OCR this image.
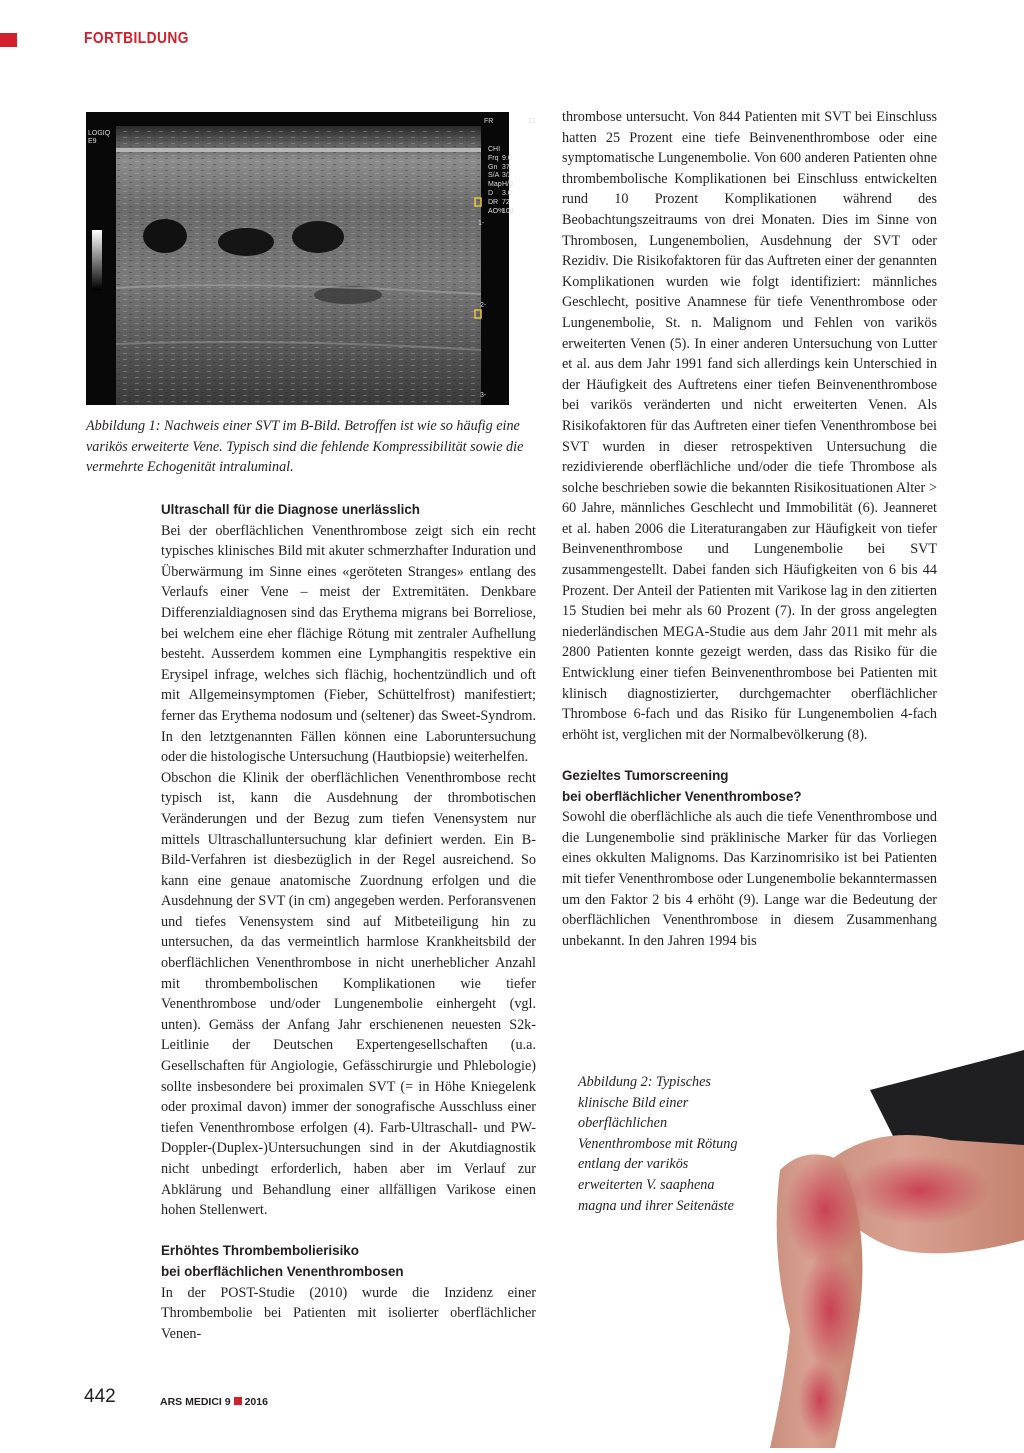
FORTBILDUNG
ꓲ
LOGIQ E9
FR	21
CHI
Frq 9.0
Gn 37
S/A 3/2
Map H/0
D 3.0
DR 72
AO%
100
1-
2-
3-
Abbildung 1: Nachweis einer SVT im B-Bild. Betroffen ist wie so häufig eine varikös erweiterte Vene. Typisch sind die fehlende Kompressibilität sowie die vermehrte Echogenität intraluminal.

Ultraschall für die Diagnose unerlässlich

Bei der oberflächlichen Venenthrombose zeigt sich ein recht typisches klinisches Bild mit akuter schmerzhafter Induration und Überwärmung im Sinne eines «geröteten Stranges» entlang des Verlaufs einer Vene – meist der Extremitäten. Denkbare Differenzialdiagnosen sind das Erythema migrans bei Borreliose, bei welchem eine eher flächige Rötung mit zentraler Aufhellung besteht. Ausserdem kommen eine Lymphangitis respektive ein Erysipel infrage, welches sich flächig, hochentzündlich und oft mit Allgemeinsymptomen (Fieber, Schüttelfrost) manifestiert; ferner das Erythema nodosum und (seltener) das Sweet-Syndrom. In den letztgenannten Fällen können eine Laboruntersuchung oder die histologische Untersuchung (Hautbiopsie) weiterhelfen.

Obschon die Klinik der oberflächlichen Venenthrombose recht typisch ist, kann die Ausdehnung der thrombotischen Veränderungen und der Bezug zum tiefen Venensystem nur mittels Ultraschalluntersuchung klar definiert werden. Ein B-Bild-Verfahren ist diesbezüglich in der Regel ausreichend. So kann eine genaue anatomische Zuordnung erfolgen und die Ausdehnung der SVT (in cm) angegeben werden. Perforansvenen und tiefes Venensystem sind auf Mitbeteiligung hin zu untersuchen, da das vermeintlich harmlose Krankheitsbild der oberflächlichen Venenthrombose in nicht unerheblicher Anzahl mit thrombembolischen Komplikationen wie tiefer Venenthrombose und/oder Lungenembolie einhergeht (vgl. unten). Gemäss der Anfang Jahr erschienenen neuesten S2k-Leitlinie der Deutschen Expertengesellschaften (u.a. Gesellschaften für Angiologie, Gefässchirurgie und Phlebologie) sollte insbesondere bei proximalen SVT (= in Höhe Kniegelenk oder proximal davon) immer der sonografische Ausschluss einer tiefen Venenthrombose erfolgen (4). Farb-Ultraschall- und PW-Doppler-(Duplex-)Untersuchungen sind in der Akutdiagnostik nicht unbedingt erforderlich, haben aber im Verlauf zur Abklärung und Behandlung einer allfälligen Varikose einen hohen Stellenwert.

Erhöhtes Thrombembolierisiko

bei oberflächlichen Venenthrombosen

In der POST-Studie (2010) wurde die Inzidenz einer Thrombembolie bei Patienten mit isolierter oberflächlicher Venen-

thrombose untersucht. Von 844 Patienten mit SVT bei Einschluss hatten 25 Prozent eine tiefe Beinvenenthrombose oder eine symptomatische Lungenembolie. Von 600 anderen Patienten ohne thrombembolische Komplikationen bei Einschluss entwickelten rund 10 Prozent Komplikationen während des Beobachtungszeitraums von drei Monaten. Dies im Sinne von Thrombosen, Lungenembolien, Ausdehnung der SVT oder Rezidiv. Die Risikofaktoren für das Auftreten einer der genannten Komplikationen wurden wie folgt identifiziert: männliches Geschlecht, positive Anamnese für tiefe Venenthrombose oder Lungenembolie, St. n. Malignom und Fehlen von varikös erweiterten Venen (5). In einer anderen Untersuchung von Lutter et al. aus dem Jahr 1991 fand sich allerdings kein Unterschied in der Häufigkeit des Auftretens einer tiefen Beinvenenthrombose bei varikös veränderten und nicht erweiterten Venen. Als Risikofaktoren für das Auftreten einer tiefen Venenthrombose bei SVT wurden in dieser retrospektiven Untersuchung die rezidivierende oberflächliche und/oder die tiefe Thrombose als solche beschrieben sowie die bekannten Risikosituationen Alter > 60 Jahre, männliches Geschlecht und Immobilität (6). Jeanneret et al. haben 2006 die Literaturangaben zur Häufigkeit von tiefer Beinvenenthrombose und Lungenembolie bei SVT zusammengestellt. Dabei fanden sich Häufigkeiten von 6 bis 44 Prozent. Der Anteil der Patienten mit Varikose lag in den zitierten 15 Studien bei mehr als 60 Prozent (7). In der gross angelegten niederländischen MEGA-Studie aus dem Jahr 2011 mit mehr als 2800 Patienten konnte gezeigt werden, dass das Risiko für die Entwicklung einer tiefen Beinvenenthrombose bei Patienten mit klinisch diagnostizierter, durchgemachter oberflächlicher Thrombose 6-fach und das Risiko für Lungenembolien 4-fach erhöht ist, verglichen mit der Normalbevölkerung (8).

Gezieltes Tumorscreening

bei oberflächlicher Venenthrombose?

Sowohl die oberflächliche als auch die tiefe Venenthrombose und die Lungenembolie sind präklinische Marker für das Vorliegen eines okkulten Malignoms. Das Karzinomrisiko ist bei Patienten mit tiefer Venenthrombose oder Lungenembolie bekanntermassen um den Faktor 2 bis 4 erhöht (9). Lange war die Bedeutung der oberflächlichen Venenthrombose in diesem Zusammenhang unbekannt. In den Jahren 1994 bis

Abbildung 2: Typisches klinische Bild einer oberflächlichen Venenthrombose mit Rötung entlang der varikös erweiterten V. saaphena magna und ihrer Seitenäste
442	ARS MEDICI 9 2016
